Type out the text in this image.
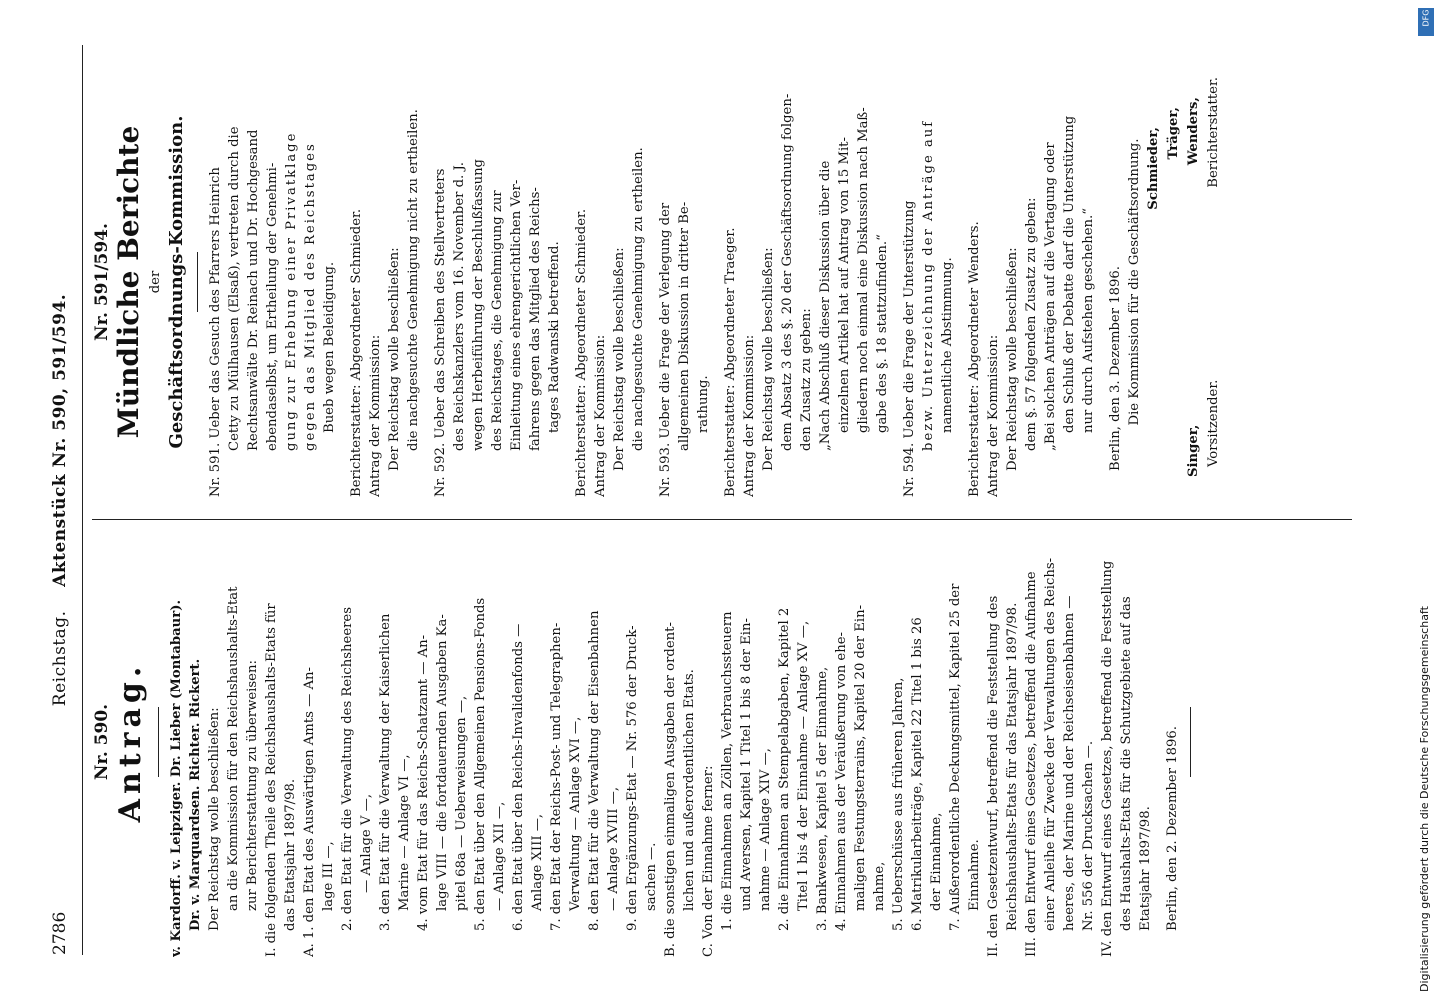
2786
Reichstag.    Aktenstück Nr. 590, 591/594.

Nr. 590. Antrag. v. Kardorff. v. Leipziger. Dr. Lieber (Montabaur). Dr. v. Marquardsen. Richter. Rickert. Der Reichstag wolle beschließen: an die Kommission für den Reichshaushalts-Etat zur Berichterstattung zu überweisen: I. die folgenden Theile des Reichshaushalts-Etats für das Etatsjahr 1897/98. A. 1. den Etat des Auswärtigen Amts — An- lage III —, 2. den Etat für die Verwaltung des Reichsheeres — Anlage V —, 3. den Etat für die Verwaltung der Kaiserlichen Marine — Anlage VI —, 4. vom Etat für das Reichs-Schatzamt — An- lage VIII — die fortdauernden Ausgaben Ka- pitel 68a — Ueberweisungen —, 5. den Etat über den Allgemeinen Pensions-Fonds — Anlage XII —, 6. den Etat über den Reichs-Invalidenfonds — Anlage XIII —, 7. den Etat der Reichs-Post- und Telegraphen- Verwaltung — Anlage XVI —, 8. den Etat für die Verwaltung der Eisenbahnen — Anlage XVIII —, 9. den Ergänzungs-Etat — Nr. 576 der Druck- sachen —. B. die sonstigen einmaligen Ausgaben der ordent- lichen und außerordentlichen Etats. C. Von der Einnahme ferner: 1. die Einnahmen an Zöllen, Verbrauchssteuern und Aversen, Kapitel 1 Titel 1 bis 8 der Ein- nahme — Anlage XIV —, 2. die Einnahmen an Stempelabgaben, Kapitel 2 Titel 1 bis 4 der Einnahme — Anlage XV —, 3. Bankwesen, Kapitel 5 der Einnahme, 4. Einnahmen aus der Veräußerung von ehe- maligen Festungsterrains, Kapitel 20 der Ein- nahme, 5. Ueberschüsse aus früheren Jahren, 6. Matrikularbeiträge, Kapitel 22 Titel 1 bis 26 der Einnahme, 7. Außerordentliche Deckungsmittel, Kapitel 25 der Einnahme. II. den Gesetzentwurf, betreffend die Feststellung des Reichshaushalts-Etats für das Etatsjahr 1897/98. III. den Entwurf eines Gesetzes, betreffend die Aufnahme einer Anleihe für Zwecke der Verwaltungen des Reichs- heeres, der Marine und der Reichseisenbahnen — Nr. 556 der Drucksachen —. IV. den Entwurf eines Gesetzes, betreffend die Feststellung des Haushalts-Etats für die Schutzgebiete auf das Etatsjahr 1897/98. Berlin, den 2. Dezember 1896.

Nr. 591/594. Mündliche Berichte der Geschäftsordnungs-Kommission. Nr. 591. Ueber das Gesuch des Pfarrers Heinrich Cetty zu Mülhausen (Elsaß), vertreten durch die Rechtsanwälte Dr. Reinach und Dr. Hochgesand ebendaselbst, um Ertheilung der Genehmi- gung zur Erhebung einer Privatklage gegen das Mitglied des Reichstages Bueb wegen Beleidigung. Berichterstatter: Abgeordneter Schmieder. Antrag der Kommission: Der Reichstag wolle beschließen: die nachgesuchte Genehmigung nicht zu ertheilen. Nr. 592. Ueber das Schreiben des Stellvertreters des Reichskanzlers vom 16. November d. J. wegen Herbeiführung der Beschlußfassung des Reichstages, die Genehmigung zur Einleitung eines ehrengerichtlichen Ver- fahrens gegen das Mitglied des Reichs- tages Radwanski betreffend. Berichterstatter: Abgeordneter Schmieder. Antrag der Kommission: Der Reichstag wolle beschließen: die nachgesuchte Genehmigung zu ertheilen. Nr. 593. Ueber die Frage der Verlegung der allgemeinen Diskussion in dritter Be- rathung. Berichterstatter: Abgeordneter Traeger. Antrag der Kommission: Der Reichstag wolle beschließen: dem Absatz 3 des §. 20 der Geschäftsordnung folgen- den Zusatz zu geben: „Nach Abschluß dieser Diskussion über die einzelnen Artikel hat auf Antrag von 15 Mit- gliedern noch einmal eine Diskussion nach Maß- gabe des §. 18 stattzufinden.“ Nr. 594. Ueber die Frage der Unterstützung bezw. Unterzeichnung der Anträge auf namentliche Abstimmung. Berichterstatter: Abgeordneter Wenders. Antrag der Kommission: Der Reichstag wolle beschließen: dem §. 57 folgenden Zusatz zu geben: „Bei solchen Anträgen auf die Vertagung oder den Schluß der Debatte darf die Unterstützung nur durch Aufstehen geschehen.“ Berlin, den 3. Dezember 1896. Die Kommission für die Geschäftsordnung. Schmieder, Träger,

Singer,

Wenders,

Vorsitzender.

Berichterstatter.

Digitalisierung gefördert durch die Deutsche Forschungsgemeinschaft
DFG
